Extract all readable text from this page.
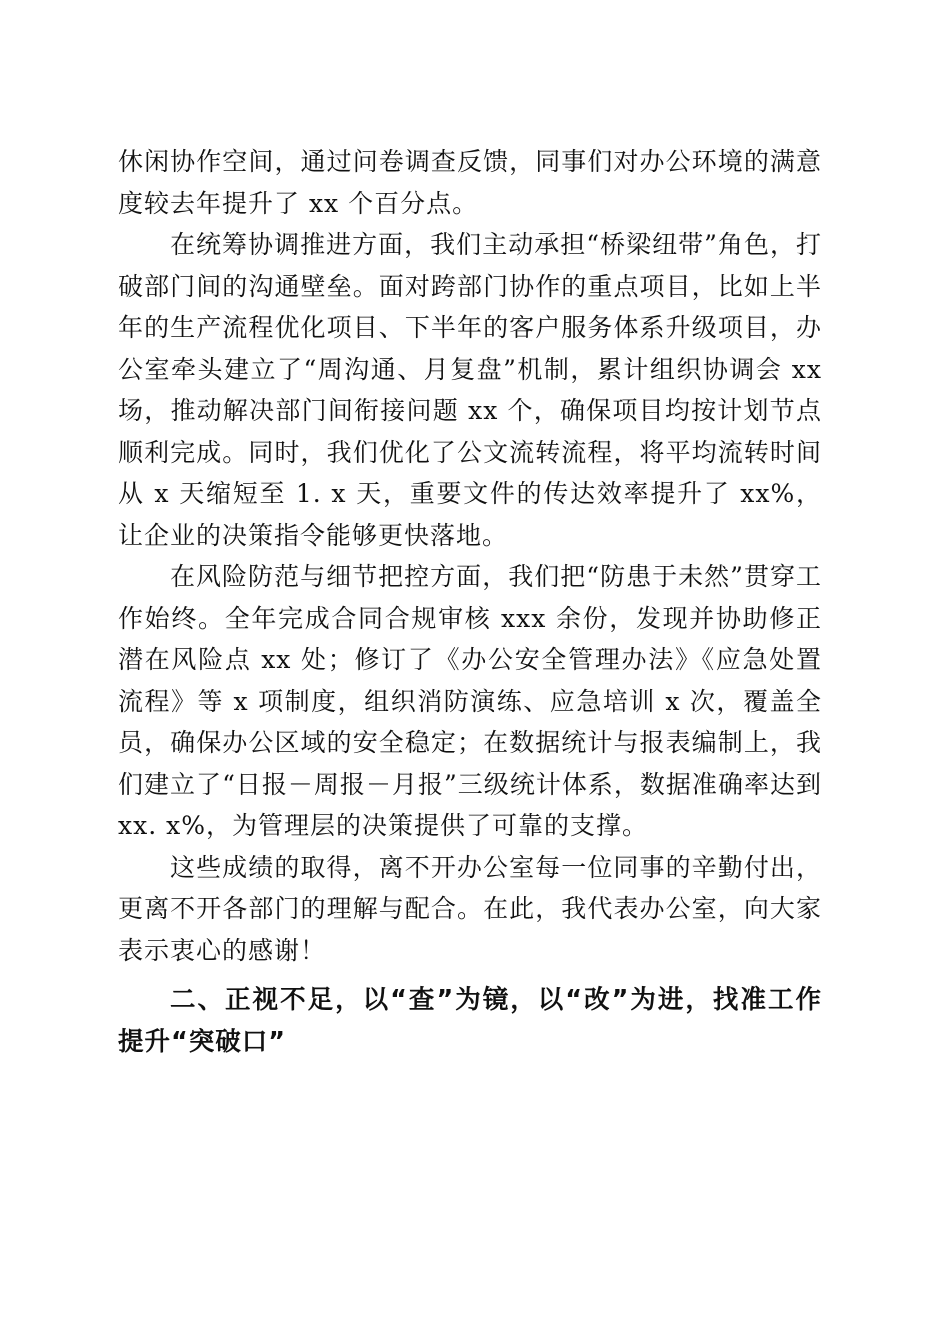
休闲协作空间，通过问卷调查反馈，同事们对办公环境的满意度较去年提升了 xx 个百分点。

在统筹协调推进方面，我们主动承担“桥梁纽带”角色，打破部门间的沟通壁垒。面对跨部门协作的重点项目，比如上半年的生产流程优化项目、下半年的客户服务体系升级项目，办公室牵头建立了“周沟通、月复盘”机制，累计组织协调会 xx 场，推动解决部门间衔接问题 xx 个，确保项目均按计划节点顺利完成。同时，我们优化了公文流转流程，将平均流转时间从 x 天缩短至 1. x 天，重要文件的传达效率提升了 xx%，让企业的决策指令能够更快落地。

在风险防范与细节把控方面，我们把“防患于未然”贯穿工作始终。全年完成合同合规审核 xxx 余份，发现并协助修正潜在风险点 xx 处；修订了《办公安全管理办法》《应急处置流程》等 x 项制度，组织消防演练、应急培训 x 次，覆盖全员，确保办公区域的安全稳定；在数据统计与报表编制上，我们建立了“日报－周报－月报”三级统计体系，数据准确率达到 xx. x%，为管理层的决策提供了可靠的支撑。

这些成绩的取得，离不开办公室每一位同事的辛勤付出，更离不开各部门的理解与配合。在此，我代表办公室，向大家表示衷心的感谢！

二、正视不足，以“查”为镜，以“改”为进，找准工作提升“突破口”
